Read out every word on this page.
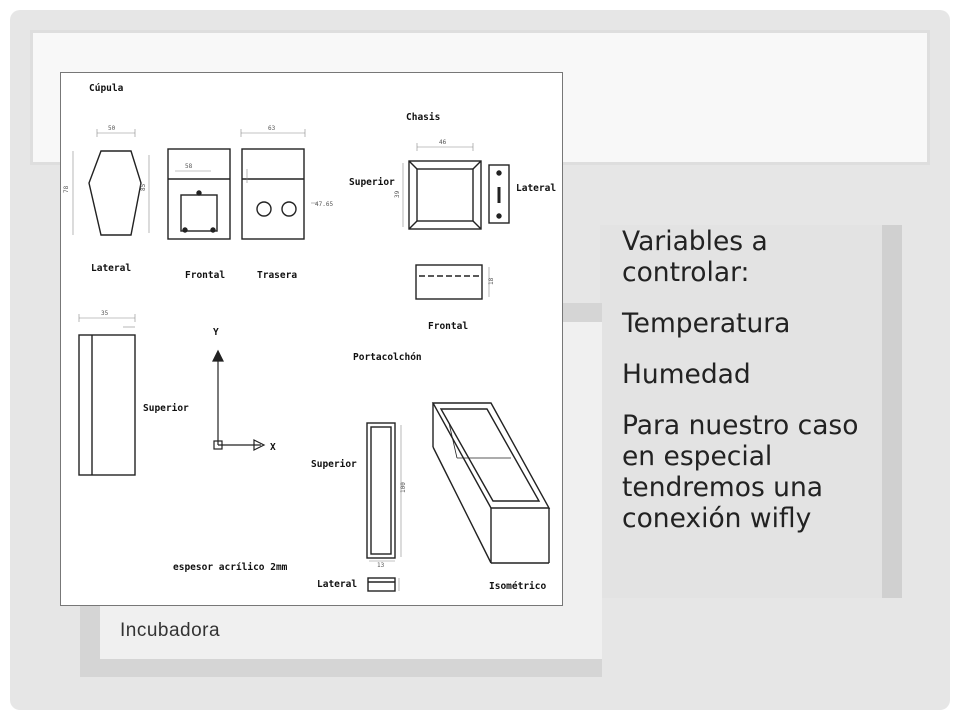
Variables a controlar:

Temperatura

Humedad

Para nuestro caso en especial tendremos una conexión wifly

50
78	85
58
63
47.65
46
39
18
35
100
13
Y
X
Cúpula
Chasis
Lateral
Frontal	Trasera
Superior
Lateral
Frontal
Portacolchón
Superior
Superior
espesor acrílico 2mm
Lateral	Isométrico
Incubadora
